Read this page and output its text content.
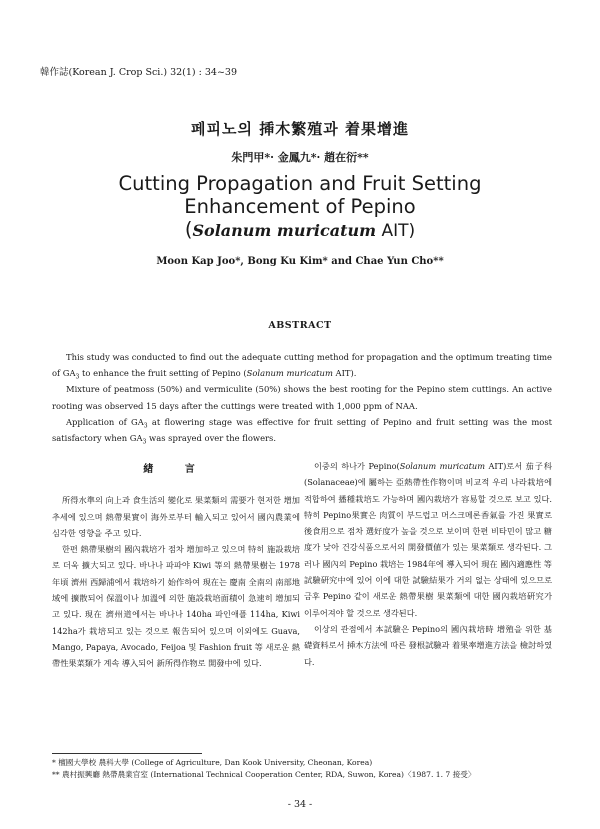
韓作誌(Korean J. Crop Sci.) 32(1) : 34~39
페피노의 揷木繁殖과 着果增進
朱門甲*· 金鳳九*· 趙在衍**
Cutting Propagation and Fruit Setting
Enhancement of Pepino
(Solanum muricatum AIT)
Moon Kap Joo*, Bong Ku Kim* and Chae Yun Cho**
ABSTRACT

This study was conducted to find out the adequate cutting method for propagation and the optimum treating time of $GA_3$ to enhance the fruit setting of Pepino (Solanum muricatum AIT).

Mixture of peatmoss (50%) and vermiculite (50%) shows the best rooting for the Pepino stem cuttings. An active rooting was observed 15 days after the cuttings were treated with 1,000 ppm of NAA.

Application of $GA_3$ at flowering stage was effective for fruit setting of Pepino and fruit setting was the most satisfactory when $GA_3$ was sprayed over the flowers.

緖 言

所得水準의 向上과 食生活의 變化로 果菜類의 需要가 현저한 增加추세에 있으며 熱帶果實이 海外로부터 輸入되고 있어서 國內農業에 심각한 영향을 주고 있다.

한편 熱帶果樹의 國內栽培가 점차 增加하고 있으며 特히 施設栽培로 더욱 擴大되고 있다. 바나나 파파야 Kiwi 等의 熱帶果樹는 1978年頃 濟州 西歸浦에서 栽培하기 始作하여 現在는 慶南 全南의 南部地域에 擴散되어 保溫이나 加溫에 의한 施設栽培面積이 急速히 增加되고 있다. 現在 濟州道에서는 바나나 140ha 파인애플 114ha, Kiwi 142ha가 栽培되고 있는 것으로 報告되어 있으며 이외에도 Guava, Mango, Papaya, Avocado, Feijoa 및 Fashion fruit 等 새로운 熱帶性果菜類가 계속 導入되어 新所得作物로 開發中에 있다.

이중의 하나가 Pepino(Solanum muricatum AIT)로서 茄子科(Solanaceae)에 屬하는 亞熱帶性作物이며 비교적 우리 나라栽培에 적합하여 播種栽培도 가능하며 國內栽培가 容易할 것으로 보고 있다. 特히 Pepino果實은 肉質이 부드럽고 머스크메론香氣를 가진 果實로 後食用으로 점차 選好度가 높을 것으로 보이며 한편 비타민이 많고 糖度가 낮아 건강식품으로서의 開發價値가 있는 果菜類로 생각된다. 그러나 國內의 Pepino 栽培는 1984年에 導入되어 現在 國內適應性 等 試驗硏究中에 있어 이에 대한 試驗結果가 거의 없는 상태에 있으므로 금후 Pepino 같이 새로운 熱帶果樹 果菜類에 대한 國內栽培硏究가 이루어져야 할 것으로 생각된다.

이상의 관점에서 本試驗은 Pepino의 國內栽培時 增殖을 위한 基礎資料로서 揷木方法에 따른 發根試驗과 着果率增進方法을 檢討하였다.

* 檀國大學校 農科大學 (College of Agriculture, Dan Kook University, Cheonan, Korea)
** 農村振興廳 熱帶農業官室 (International Technical Cooperation Center, RDA, Suwon, Korea)〈1987. 1. 7 接受〉
- 34 -
